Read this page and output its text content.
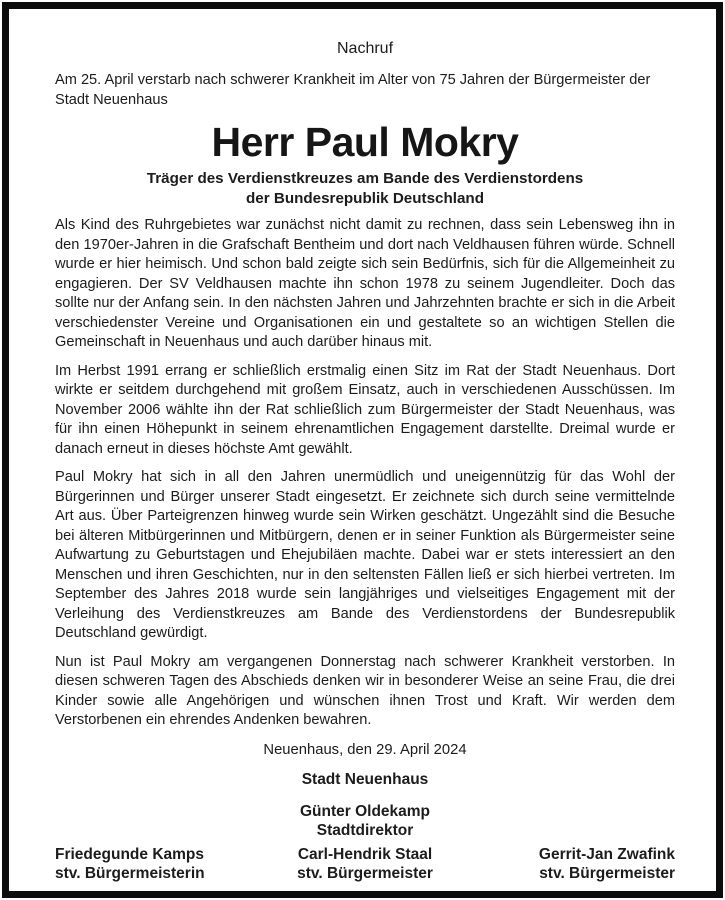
Nachruf
Am 25. April verstarb nach schwerer Krankheit im Alter von 75 Jahren der Bürgermeister der Stadt Neuenhaus
Herr Paul Mokry
Träger des Verdienstkreuzes am Bande des Verdienstordens
der Bundesrepublik Deutschland
Als Kind des Ruhrgebietes war zunächst nicht damit zu rechnen, dass sein Lebensweg ihn in den 1970er-Jahren in die Grafschaft Bentheim und dort nach Veldhausen führen würde. Schnell wurde er hier heimisch. Und schon bald zeigte sich sein Bedürfnis, sich für die Allgemeinheit zu engagieren. Der SV Veldhausen machte ihn schon 1978 zu seinem Jugendleiter. Doch das sollte nur der Anfang sein. In den nächsten Jahren und Jahrzehnten brachte er sich in die Arbeit verschiedenster Vereine und Organisationen ein und gestaltete so an wichtigen Stellen die Gemeinschaft in Neuenhaus und auch darüber hinaus mit.
Im Herbst 1991 errang er schließlich erstmalig einen Sitz im Rat der Stadt Neuenhaus. Dort wirkte er seitdem durchgehend mit großem Einsatz, auch in verschiedenen Ausschüssen. Im November 2006 wählte ihn der Rat schließlich zum Bürgermeister der Stadt Neuenhaus, was für ihn einen Höhepunkt in seinem ehrenamtlichen Engagement darstellte. Dreimal wurde er danach erneut in dieses höchste Amt gewählt.
Paul Mokry hat sich in all den Jahren unermüdlich und uneigennützig für das Wohl der Bürgerinnen und Bürger unserer Stadt eingesetzt. Er zeichnete sich durch seine vermittelnde Art aus. Über Parteigrenzen hinweg wurde sein Wirken geschätzt. Ungezählt sind die Besuche bei älteren Mitbürgerinnen und Mitbürgern, denen er in seiner Funktion als Bürgermeister seine Aufwartung zu Geburtstagen und Ehejubiläen machte. Dabei war er stets interessiert an den Menschen und ihren Geschichten, nur in den seltensten Fällen ließ er sich hierbei vertreten. Im September des Jahres 2018 wurde sein langjähriges und vielseitiges Engagement mit der Verleihung des Verdienstkreuzes am Bande des Verdienstordens der Bundesrepublik Deutschland gewürdigt.
Nun ist Paul Mokry am vergangenen Donnerstag nach schwerer Krankheit verstorben. In diesen schweren Tagen des Abschieds denken wir in besonderer Weise an seine Frau, die drei Kinder sowie alle Angehörigen und wünschen ihnen Trost und Kraft. Wir werden dem Verstorbenen ein ehrendes Andenken bewahren.
Neuenhaus, den 29. April 2024
Stadt Neuenhaus
Günter Oldekamp
Stadtdirektor
Friedegunde Kamps
stv. Bürgermeisterin
Carl-Hendrik Staal
stv. Bürgermeister
Gerrit-Jan Zwafink
stv. Bürgermeister
